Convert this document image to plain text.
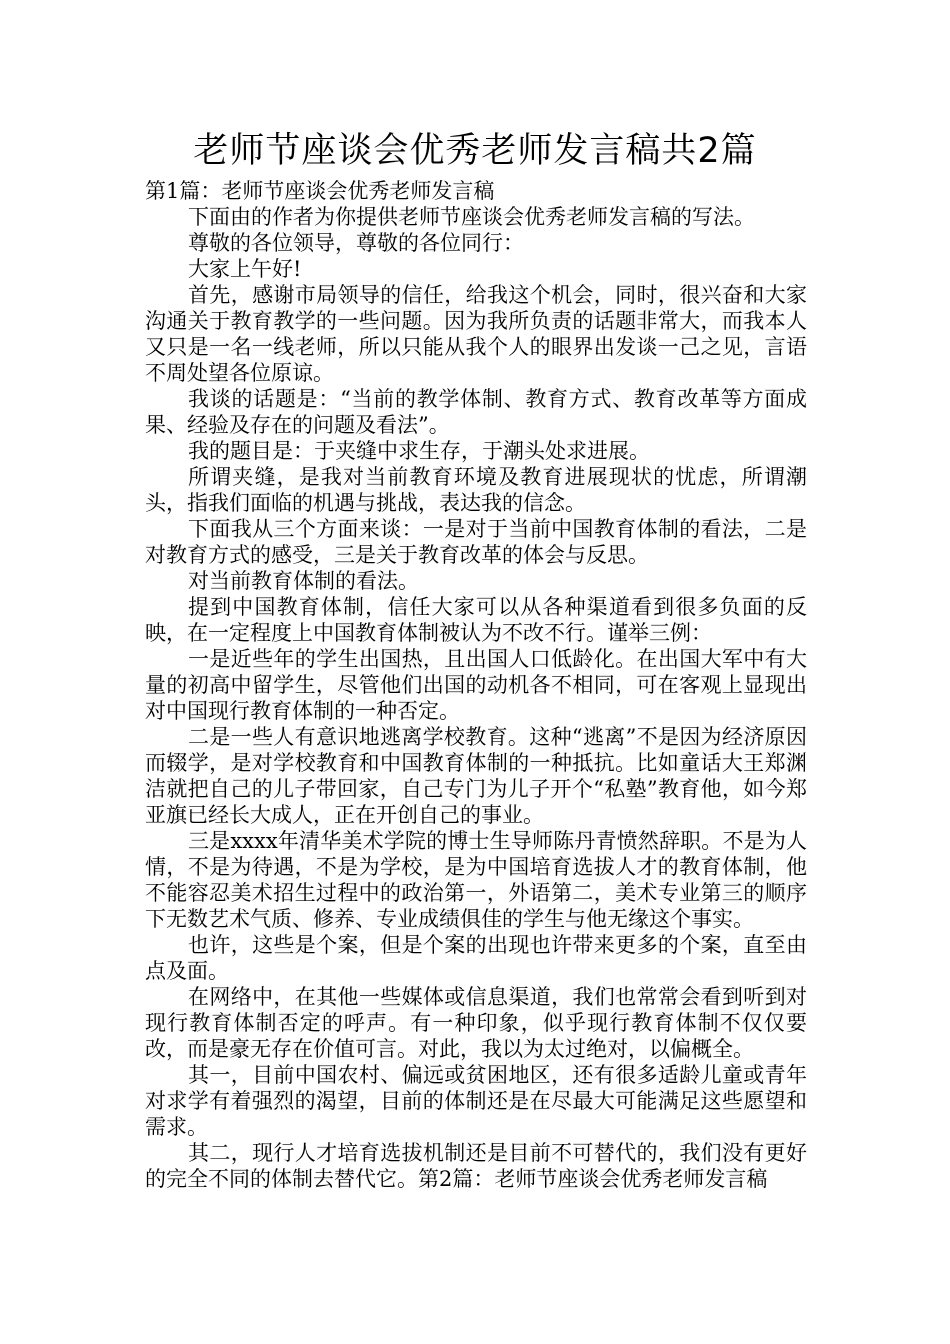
老师节座谈会优秀老师发言稿共2篇

第1篇：老师节座谈会优秀老师发言稿

下面由的作者为你提供老师节座谈会优秀老师发言稿的写法。

尊敬的各位领导，尊敬的各位同行：

大家上午好!

首先，感谢市局领导的信任，给我这个机会，同时，很兴奋和大家沟通关于教育教学的一些问题。因为我所负责的话题非常大，而我本人又只是一名一线老师，所以只能从我个人的眼界出发谈一己之见，言语不周处望各位原谅。

我谈的话题是：“当前的教学体制、教育方式、教育改革等方面成果、经验及存在的问题及看法”。

我的题目是：于夹缝中求生存，于潮头处求进展。

所谓夹缝，是我对当前教育环境及教育进展现状的忧虑，所谓潮头，指我们面临的机遇与挑战，表达我的信念。

下面我从三个方面来谈：一是对于当前中国教育体制的看法，二是对教育方式的感受，三是关于教育改革的体会与反思。

对当前教育体制的看法。

提到中国教育体制，信任大家可以从各种渠道看到很多负面的反映，在一定程度上中国教育体制被认为不改不行。谨举三例：

一是近些年的学生出国热，且出国人口低龄化。在出国大军中有大量的初高中留学生，尽管他们出国的动机各不相同，可在客观上显现出对中国现行教育体制的一种否定。

二是一些人有意识地逃离学校教育。这种“逃离”不是因为经济原因而辍学，是对学校教育和中国教育体制的一种抵抗。比如童话大王郑渊洁就把自己的儿子带回家，自己专门为儿子开个“私塾”教育他，如今郑亚旗已经长大成人，正在开创自己的事业。

三是xxxx年清华美术学院的博士生导师陈丹青愤然辞职。不是为人情，不是为待遇，不是为学校，是为中国培育选拔人才的教育体制，他不能容忍美术招生过程中的政治第一，外语第二，美术专业第三的顺序下无数艺术气质、修养、专业成绩俱佳的学生与他无缘这个事实。

也许，这些是个案，但是个案的出现也许带来更多的个案，直至由点及面。

在网络中，在其他一些媒体或信息渠道，我们也常常会看到听到对现行教育体制否定的呼声。有一种印象，似乎现行教育体制不仅仅要改，而是豪无存在价值可言。对此，我以为太过绝对，以偏概全。

其一，目前中国农村、偏远或贫困地区，还有很多适龄儿童或青年对求学有着强烈的渴望，目前的体制还是在尽最大可能满足这些愿望和需求。

其二，现行人才培育选拔机制还是目前不可替代的，我们没有更好的完全不同的体制去替代它。第2篇：老师节座谈会优秀老师发言稿
